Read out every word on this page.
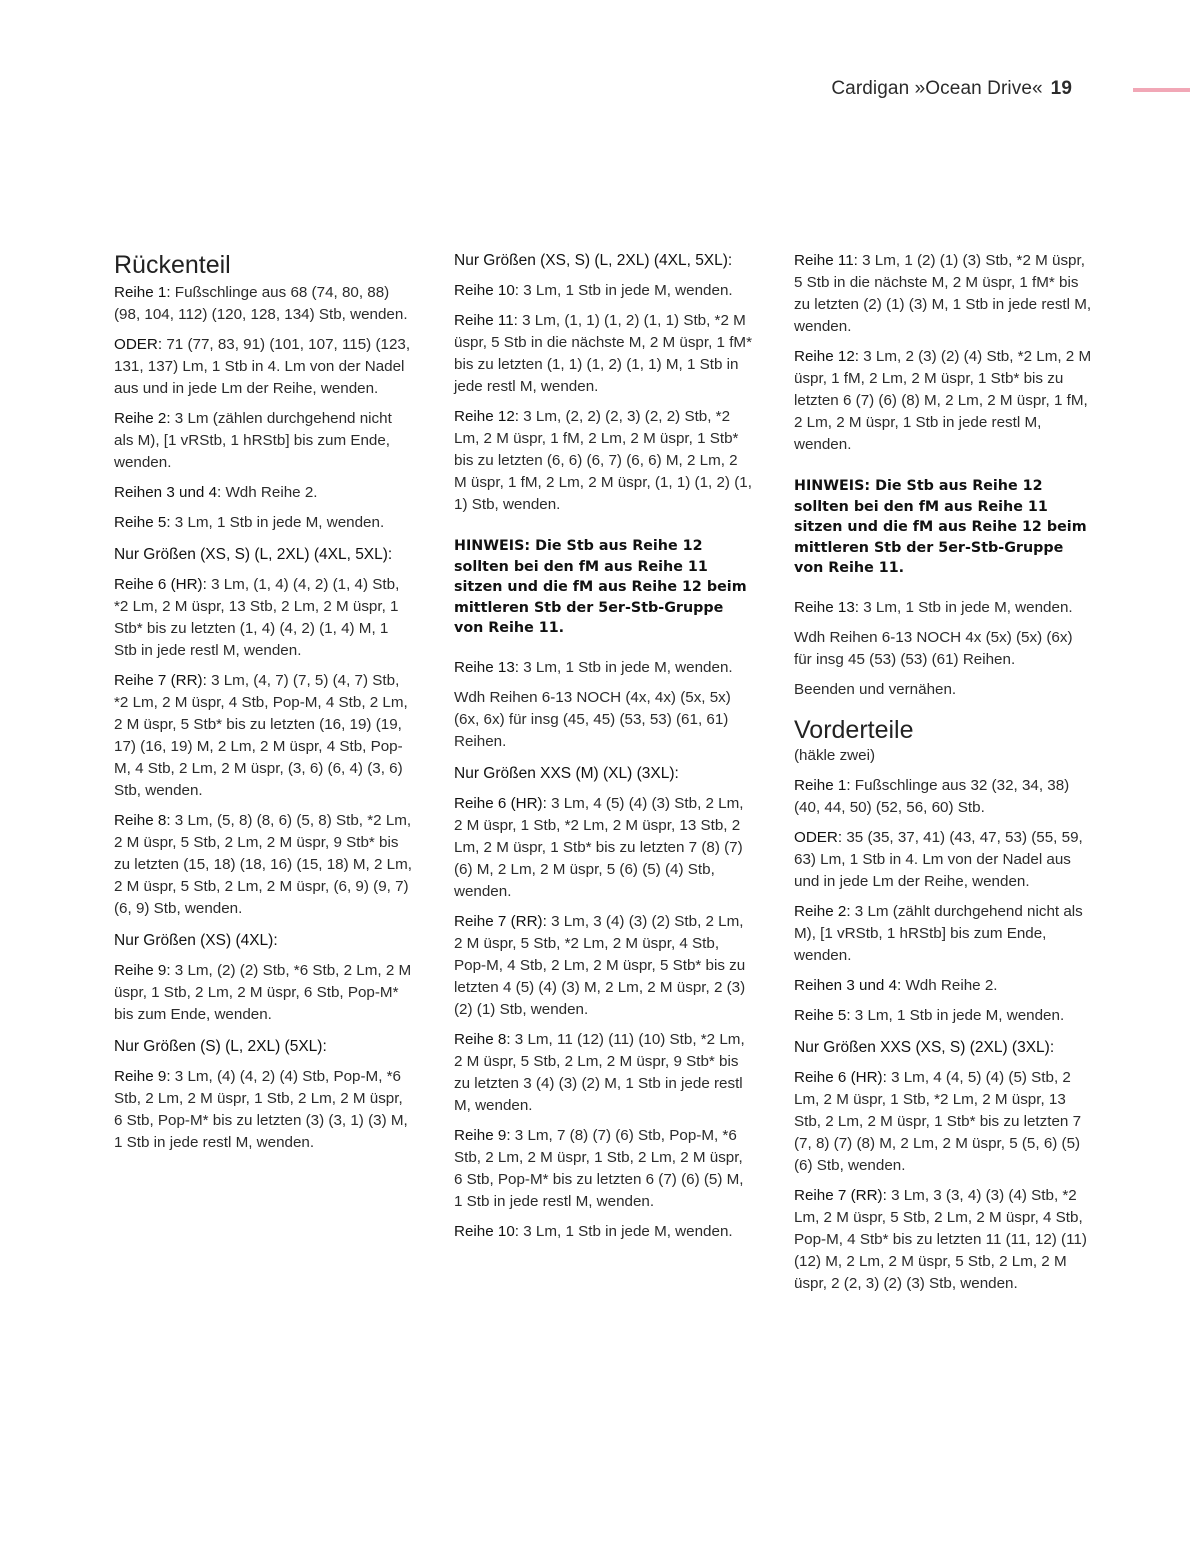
Cardigan »Ocean Drive« 19
Rückenteil

Reihe 1: Fußschlinge aus 68 (74, 80, 88) (98, 104, 112) (120, 128, 134) Stb, wenden.

ODER: 71 (77, 83, 91) (101, 107, 115) (123, 131, 137) Lm, 1 Stb in 4. Lm von der Nadel aus und in jede Lm der Reihe, wenden.

Reihe 2: 3 Lm (zählen durchgehend nicht als M), [1 vRStb, 1 hRStb] bis zum Ende, wenden.

Reihen 3 und 4: Wdh Reihe 2.

Reihe 5: 3 Lm, 1 Stb in jede M, wenden.

Nur Größen (XS, S) (L, 2XL) (4XL, 5XL):

Reihe 6 (HR): 3 Lm, (1, 4) (4, 2) (1, 4) Stb, *2 Lm, 2 M üspr, 13 Stb, 2 Lm, 2 M üspr, 1 Stb* bis zu letzten (1, 4) (4, 2) (1, 4) M, 1 Stb in jede restl M, wenden.

Reihe 7 (RR): 3 Lm, (4, 7) (7, 5) (4, 7) Stb, *2 Lm, 2 M üspr, 4 Stb, Pop-M, 4 Stb, 2 Lm, 2 M üspr, 5 Stb* bis zu letzten (16, 19) (19, 17) (16, 19) M, 2 Lm, 2 M üspr, 4 Stb, Pop-M, 4 Stb, 2 Lm, 2 M üspr, (3, 6) (6, 4) (3, 6) Stb, wenden.

Reihe 8: 3 Lm, (5, 8) (8, 6) (5, 8) Stb, *2 Lm, 2 M üspr, 5 Stb, 2 Lm, 2 M üspr, 9 Stb* bis zu letzten (15, 18) (18, 16) (15, 18) M, 2 Lm, 2 M üspr, 5 Stb, 2 Lm, 2 M üspr, (6, 9) (9, 7) (6, 9) Stb, wenden.

Nur Größen (XS) (4XL):

Reihe 9: 3 Lm, (2) (2) Stb, *6 Stb, 2 Lm, 2 M üspr, 1 Stb, 2 Lm, 2 M üspr, 6 Stb, Pop-M* bis zum Ende, wenden.

Nur Größen (S) (L, 2XL) (5XL):

Reihe 9: 3 Lm, (4) (4, 2) (4) Stb, Pop-M, *6 Stb, 2 Lm, 2 M üspr, 1 Stb, 2 Lm, 2 M üspr, 6 Stb, Pop-M* bis zu letzten (3) (3, 1) (3) M, 1 Stb in jede restl M, wenden.

Nur Größen (XS, S) (L, 2XL) (4XL, 5XL):

Reihe 10: 3 Lm, 1 Stb in jede M, wenden.

Reihe 11: 3 Lm, (1, 1) (1, 2) (1, 1) Stb, *2 M üspr, 5 Stb in die nächste M, 2 M üspr, 1 fM* bis zu letzten (1, 1) (1, 2) (1, 1) M, 1 Stb in jede restl M, wenden.

Reihe 12: 3 Lm, (2, 2) (2, 3) (2, 2) Stb, *2 Lm, 2 M üspr, 1 fM, 2 Lm, 2 M üspr, 1 Stb* bis zu letzten (6, 6) (6, 7) (6, 6) M, 2 Lm, 2 M üspr, 1 fM, 2 Lm, 2 M üspr, (1, 1) (1, 2) (1, 1) Stb, wenden.

HINWEIS: Die Stb aus Reihe 12 sollten bei den fM aus Reihe 11 sitzen und die fM aus Reihe 12 beim mittleren Stb der 5er-Stb-Gruppe von Reihe 11.

Reihe 13: 3 Lm, 1 Stb in jede M, wenden.

Wdh Reihen 6-13 NOCH (4x, 4x) (5x, 5x) (6x, 6x) für insg (45, 45) (53, 53) (61, 61) Reihen.

Nur Größen XXS (M) (XL) (3XL):

Reihe 6 (HR): 3 Lm, 4 (5) (4) (3) Stb, 2 Lm, 2 M üspr, 1 Stb, *2 Lm, 2 M üspr, 13 Stb, 2 Lm, 2 M üspr, 1 Stb* bis zu letzten 7 (8) (7) (6) M, 2 Lm, 2 M üspr, 5 (6) (5) (4) Stb, wenden.

Reihe 7 (RR): 3 Lm, 3 (4) (3) (2) Stb, 2 Lm, 2 M üspr, 5 Stb, *2 Lm, 2 M üspr, 4 Stb, Pop-M, 4 Stb, 2 Lm, 2 M üspr, 5 Stb* bis zu letzten 4 (5) (4) (3) M, 2 Lm, 2 M üspr, 2 (3) (2) (1) Stb, wenden.

Reihe 8: 3 Lm, 11 (12) (11) (10) Stb, *2 Lm, 2 M üspr, 5 Stb, 2 Lm, 2 M üspr, 9 Stb* bis zu letzten 3 (4) (3) (2) M, 1 Stb in jede restl M, wenden.

Reihe 9: 3 Lm, 7 (8) (7) (6) Stb, Pop-M, *6 Stb, 2 Lm, 2 M üspr, 1 Stb, 2 Lm, 2 M üspr, 6 Stb, Pop-M* bis zu letzten 6 (7) (6) (5) M, 1 Stb in jede restl M, wenden.

Reihe 10: 3 Lm, 1 Stb in jede M, wenden.

Reihe 11: 3 Lm, 1 (2) (1) (3) Stb, *2 M üspr, 5 Stb in die nächste M, 2 M üspr, 1 fM* bis zu letzten (2) (1) (3) M, 1 Stb in jede restl M, wenden.

Reihe 12: 3 Lm, 2 (3) (2) (4) Stb, *2 Lm, 2 M üspr, 1 fM, 2 Lm, 2 M üspr, 1 Stb* bis zu letzten 6 (7) (6) (8) M, 2 Lm, 2 M üspr, 1 fM, 2 Lm, 2 M üspr, 1 Stb in jede restl M, wenden.

HINWEIS: Die Stb aus Reihe 12 sollten bei den fM aus Reihe 11 sitzen und die fM aus Reihe 12 beim mittleren Stb der 5er-Stb-Gruppe von Reihe 11.

Reihe 13: 3 Lm, 1 Stb in jede M, wenden.

Wdh Reihen 6-13 NOCH 4x (5x) (5x) (6x) für insg 45 (53) (53) (61) Reihen.

Beenden und vernähen.

Vorderteile
(häkle zwei)

Reihe 1: Fußschlinge aus 32 (32, 34, 38) (40, 44, 50) (52, 56, 60) Stb.

ODER: 35 (35, 37, 41) (43, 47, 53) (55, 59, 63) Lm, 1 Stb in 4. Lm von der Nadel aus und in jede Lm der Reihe, wenden.

Reihe 2: 3 Lm (zählt durchgehend nicht als M), [1 vRStb, 1 hRStb] bis zum Ende, wenden.

Reihen 3 und 4: Wdh Reihe 2.

Reihe 5: 3 Lm, 1 Stb in jede M, wenden.

Nur Größen XXS (XS, S) (2XL) (3XL):

Reihe 6 (HR): 3 Lm, 4 (4, 5) (4) (5) Stb, 2 Lm, 2 M üspr, 1 Stb, *2 Lm, 2 M üspr, 13 Stb, 2 Lm, 2 M üspr, 1 Stb* bis zu letzten 7 (7, 8) (7) (8) M, 2 Lm, 2 M üspr, 5 (5, 6) (5) (6) Stb, wenden.

Reihe 7 (RR): 3 Lm, 3 (3, 4) (3) (4) Stb, *2 Lm, 2 M üspr, 5 Stb, 2 Lm, 2 M üspr, 4 Stb, Pop-M, 4 Stb* bis zu letzten 11 (11, 12) (11) (12) M, 2 Lm, 2 M üspr, 5 Stb, 2 Lm, 2 M üspr, 2 (2, 3) (2) (3) Stb, wenden.
